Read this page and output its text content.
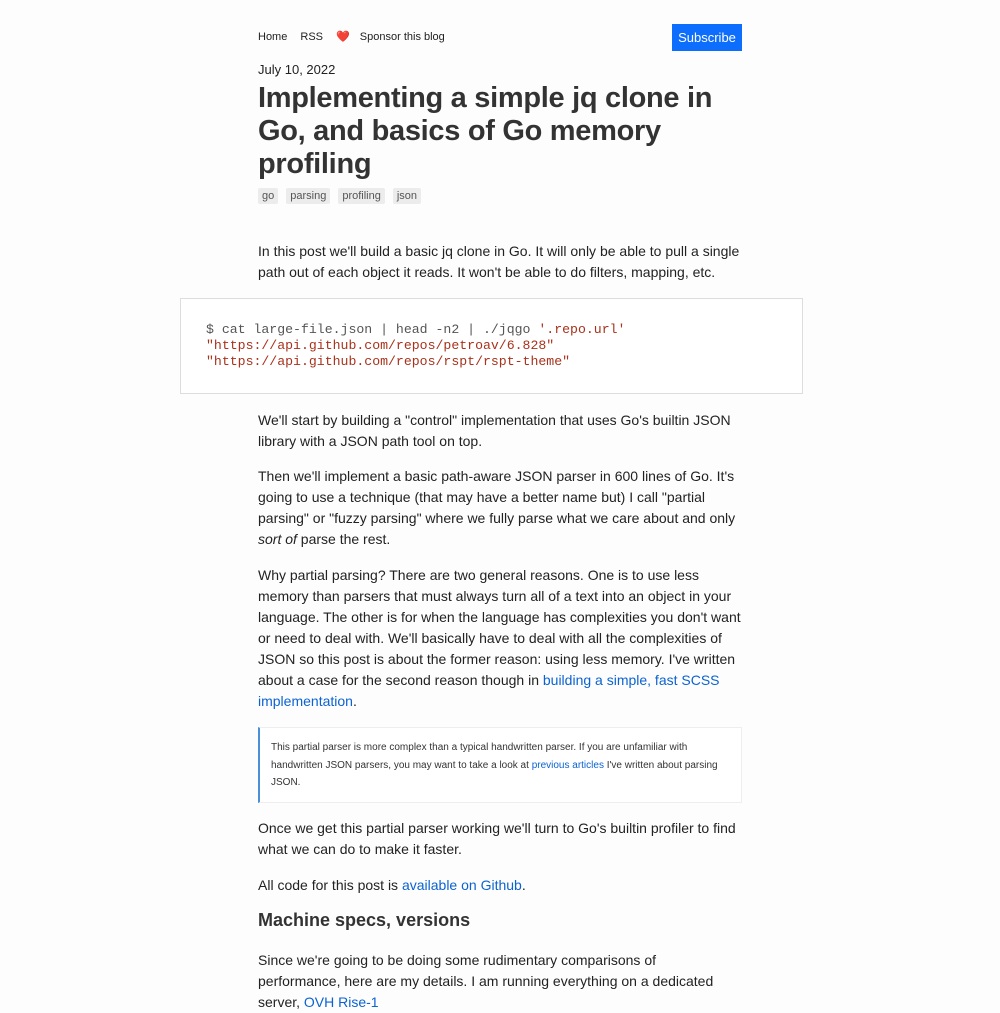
Home RSS ❤️ Sponsor this blog	Subscribe
July 10, 2022
Implementing a simple jq clone in Go, and basics of Go memory profiling
go parsing profiling json

In this post we'll build a basic jq clone in Go. It will only be able to pull a single path out of each object it reads. It won't be able to do filters, mapping, etc.

$ cat large-file.json | head -n2 | ./jqgo '.repo.url'
"https://api.github.com/repos/petroav/6.828"
"https://api.github.com/repos/rspt/rspt-theme"

We'll start by building a "control" implementation that uses Go's builtin JSON library with a JSON path tool on top.

Then we'll implement a basic path-aware JSON parser in 600 lines of Go. It's going to use a technique (that may have a better name but) I call "partial parsing" or "fuzzy parsing" where we fully parse what we care about and only sort of parse the rest.

Why partial parsing? There are two general reasons. One is to use less memory than parsers that must always turn all of a text into an object in your language. The other is for when the language has complexities you don't want or need to deal with. We'll basically have to deal with all the complexities of JSON so this post is about the former reason: using less memory. I've written about a case for the second reason though in building a simple, fast SCSS implementation.

This partial parser is more complex than a typical handwritten parser. If you are unfamiliar with handwritten JSON parsers, you may want to take a look at previous articles I've written about parsing JSON.

Once we get this partial parser working we'll turn to Go's builtin profiler to find what we can do to make it faster.

All code for this post is available on Github.

Machine specs, versions

Since we're going to be doing some rudimentary comparisons of performance, here are my details. I am running everything on a dedicated server, OVH Rise-1
